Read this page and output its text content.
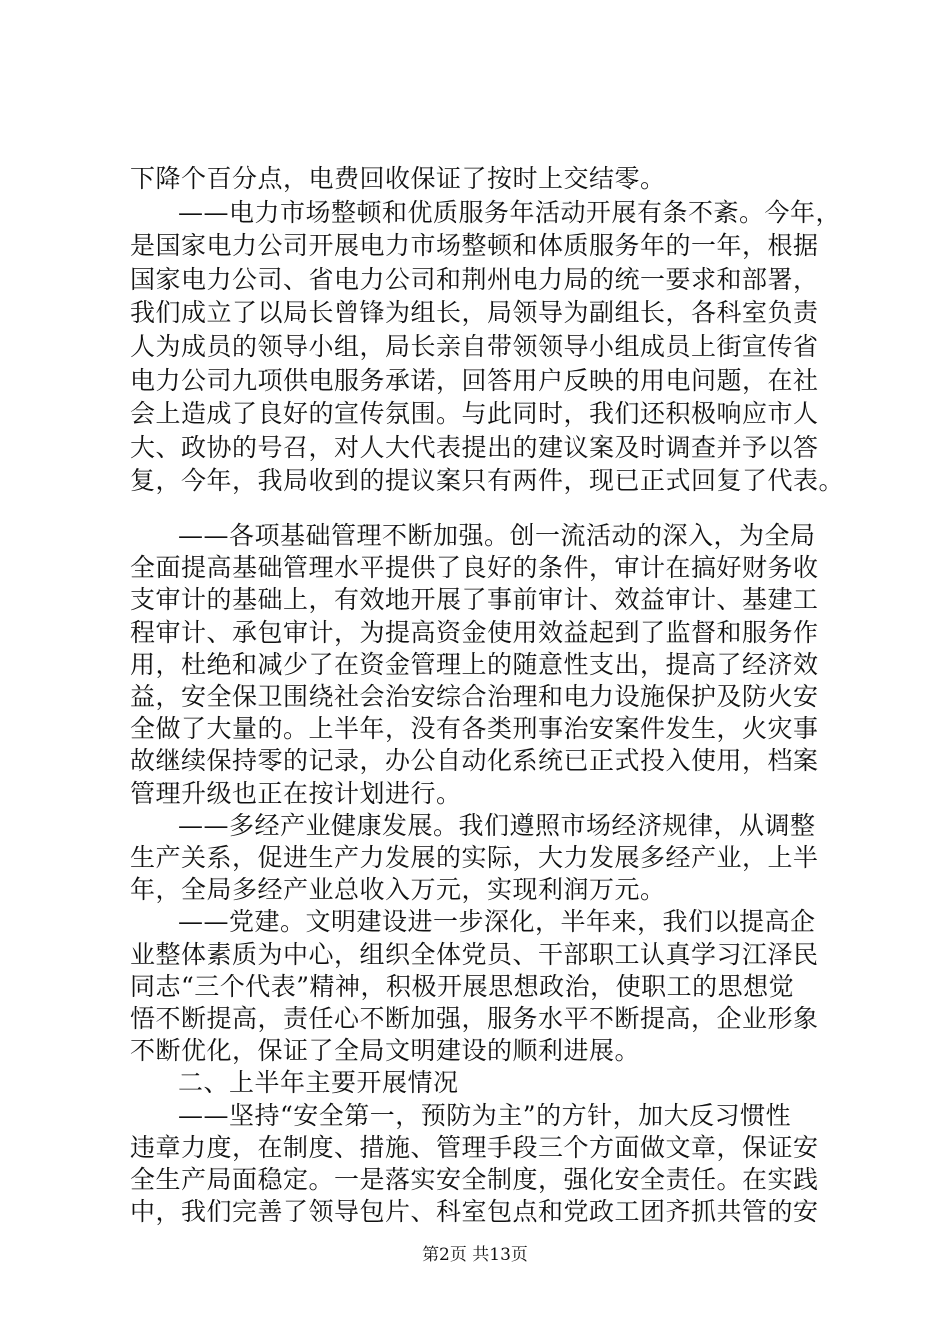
下降个百分点，电费回收保证了按时上交结零。
——电力市场整顿和优质服务年活动开展有条不紊。今年，
是国家电力公司开展电力市场整顿和体质服务年的一年，根据
国家电力公司、省电力公司和荆州电力局的统一要求和部署，
我们成立了以局长曾锋为组长，局领导为副组长，各科室负责
人为成员的领导小组，局长亲自带领领导小组成员上街宣传省
电力公司九项供电服务承诺，回答用户反映的用电问题，在社
会上造成了良好的宣传氛围。与此同时，我们还积极响应市人
大、政协的号召，对人大代表提出的建议案及时调查并予以答
复，今年，我局收到的提议案只有两件，现已正式回复了代表。
——各项基础管理不断加强。创一流活动的深入，为全局
全面提高基础管理水平提供了良好的条件，审计在搞好财务收
支审计的基础上，有效地开展了事前审计、效益审计、基建工
程审计、承包审计，为提高资金使用效益起到了监督和服务作
用，杜绝和减少了在资金管理上的随意性支出，提高了经济效
益，安全保卫围绕社会治安综合治理和电力设施保护及防火安
全做了大量的。上半年，没有各类刑事治安案件发生，火灾事
故继续保持零的记录，办公自动化系统已正式投入使用，档案
管理升级也正在按计划进行。
——多经产业健康发展。我们遵照市场经济规律，从调整
生产关系，促进生产力发展的实际，大力发展多经产业，上半
年，全局多经产业总收入万元，实现利润万元。
——党建。文明建设进一步深化，半年来，我们以提高企
业整体素质为中心，组织全体党员、干部职工认真学习江泽民
同志“三个代表”精神，积极开展思想政治，使职工的思想觉
悟不断提高，责任心不断加强，服务水平不断提高，企业形象
不断优化，保证了全局文明建设的顺利进展。
二、上半年主要开展情况
——坚持“安全第一，预防为主”的方针，加大反习惯性
违章力度，在制度、措施、管理手段三个方面做文章，保证安
全生产局面稳定。一是落实安全制度，强化安全责任。在实践
第2页 共13页
中，我们完善了领导包片、科室包点和党政工团齐抓共管的安
